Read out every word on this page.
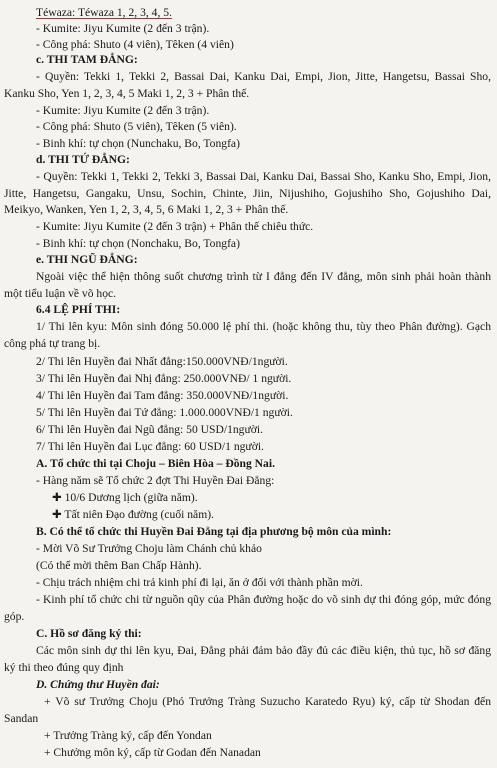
Téwaza: Téwaza 1, 2, 3, 4, 5.
- Kumite: Jiyu Kumite (2 đến 3 trận).
- Công phá: Shuto (4 viên), Têken (4 viên)
c. THI TAM ĐẲNG:
- Quyền: Tekki 1, Tekki 2, Bassai Dai, Kanku Dai, Empi, Jion, Jitte, Hangetsu, Bassai Sho,
Kanku Sho, Yen 1, 2, 3, 4, 5 Maki 1, 2, 3 + Phân thế.
- Kumite: Jiyu Kumite (2 đến 3 trận).
- Công phá: Shuto (5 viên), Têken (5 viên).
- Binh khí: tự chọn (Nunchaku, Bo, Tongfa)
d. THI TỨ ĐẲNG:
- Quyền: Tekki 1, Tekki 2, Tekki 3, Bassai Dai, Kanku Dai, Bassai Sho, Kanku Sho, Empi, Jion,
Jitte, Hangetsu, Gangaku, Unsu, Sochin, Chinte, Jiin, Nijushiho, Gojushiho Sho, Gojushiho Dai,
Meikyo, Wanken, Yen 1, 2, 3, 4, 5, 6 Maki 1, 2, 3 + Phân thế.
- Kumite: Jiyu Kumite (2 đến 3 trận) + Phân thế chiêu thức.
- Binh khí: tự chọn (Nonchaku, Bo, Tongfa)
e. THI NGŨ ĐẲNG:
Ngoài việc thể hiện thông suốt chương trình từ I đẳng đến IV đẳng, môn sinh phải hoàn thành
một tiểu luận về võ học.
6.4 LỆ PHÍ THI:
1/ Thi lên kyu: Môn sinh đóng 50.000 lệ phí thi. (hoặc không thu, tùy theo Phân đường). Gạch
công phá tự trang bị.
2/ Thi lên Huyền đai Nhất đẳng:150.000VNĐ/1người.
3/ Thi lên Huyền đai Nhị đẳng: 250.000VNĐ/ 1 người.
4/ Thi lên Huyền đai Tam đẳng: 350.000VNĐ/1người.
5/ Thi lên Huyền đai Tứ đẳng: 1.000.000VNĐ/1 người.
6/ Thi lên Huyền đai Ngũ đẳng: 50 USD/1người.
7/ Thi lên Huyền đai Lục đẳng: 60 USD/1 người.
A. Tổ chức thi tại Choju – Biên Hòa – Đồng Nai.
- Hàng năm sẽ Tổ chức 2 đợt Thi Huyền Đai Đẳng:
✚ 10/6 Dương lịch (giữa năm).
✚ Tất niên Đạo đường (cuối năm).
B. Có thể tổ chức thi Huyền Đai Đẳng tại địa phương bộ môn của mình:
- Mời Võ Sư Trưởng Choju làm Chánh chủ khảo
(Có thể mời thêm Ban Chấp Hành).
- Chịu trách nhiệm chi trả kinh phí đi lại, ăn ở đối với thành phần mời.
- Kinh phí tổ chức chi từ nguồn qũy của Phân đường hoặc do võ sinh dự thi đóng góp, mức đóng
góp.
C. Hồ sơ đăng ký thi:
Các môn sinh dự thi lên kyu, Đai, Đẳng phải đảm bảo đầy đủ các điều kiện, thủ tục, hồ sơ đăng
ký thi theo đúng quy định
D. Chứng thư Huyền đai:
+ Võ sư Trưởng Choju (Phó Trưởng Tràng Suzucho Karatedo Ryu) ký, cấp từ Shodan đến
Sandan
+ Trưởng Tràng ký, cấp đến Yondan
+ Chưởng môn ký, cấp từ Godan đến Nanadan
